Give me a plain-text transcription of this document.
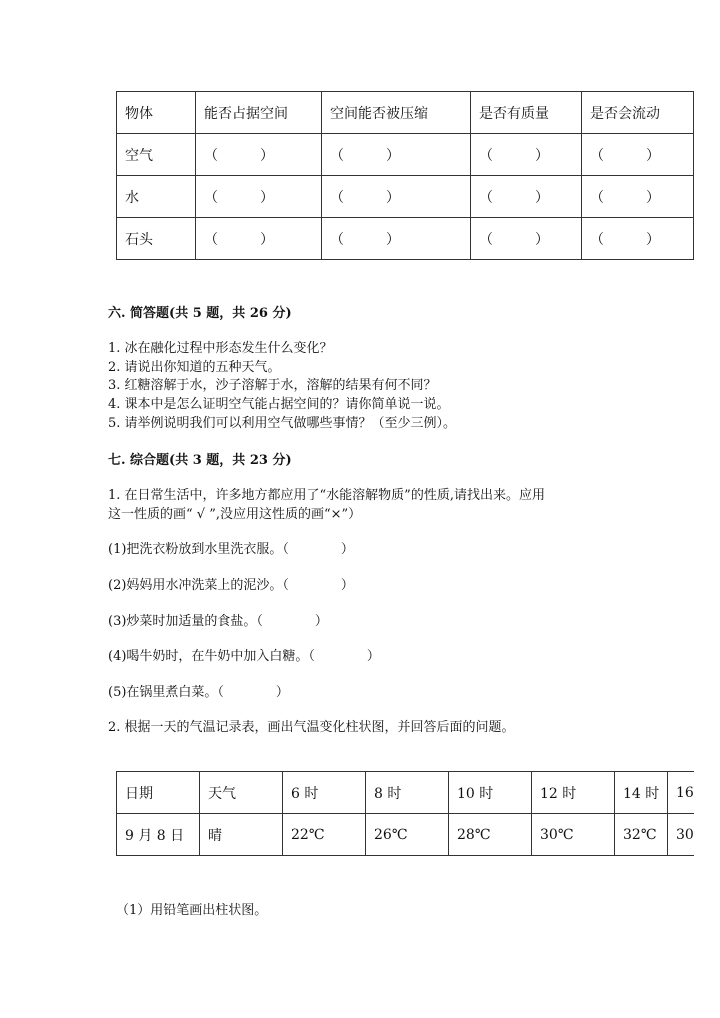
物体	能否占据空间	空间能否被压缩	是否有质量	是否会流动
空气	（　　　）	（　　　）	（　　　）	（　　　）
水	（　　　）	（　　　）	（　　　）	（　　　）
石头	（　　　）	（　　　）	（　　　）	（　　　）

六. 简答题(共 5 题，共 26 分)

1. 冰在融化过程中形态发生什么变化？

2. 请说出你知道的五种天气。

3. 红糖溶解于水，沙子溶解于水，溶解的结果有何不同？

4. 课本中是怎么证明空气能占据空间的？请你简单说一说。

5. 请举例说明我们可以利用空气做哪些事情？（至少三例）。

七. 综合题(共 3 题，共 23 分)

1. 在日常生活中，许多地方都应用了“水能溶解物质”的性质,请找出来。应用

这一性质的画“ √ ”,没应用这性质的画“×”）

(1)把洗衣粉放到水里洗衣服。（　　　　）

(2)妈妈用水冲洗菜上的泥沙。（　　　　）

(3)炒菜时加适量的食盐。（　　　　）

(4)喝牛奶时，在牛奶中加入白糖。（　　　　）

(5)在锅里煮白菜。（　　　　）

2. 根据一天的气温记录表，画出气温变化柱状图，并回答后面的问题。

日期	天气	6 时	8 时	10 时	12 时	14 时	16
9 月 8 日	晴	22℃	26℃	28℃	30℃	32℃	30

（1）用铅笔画出柱状图。
